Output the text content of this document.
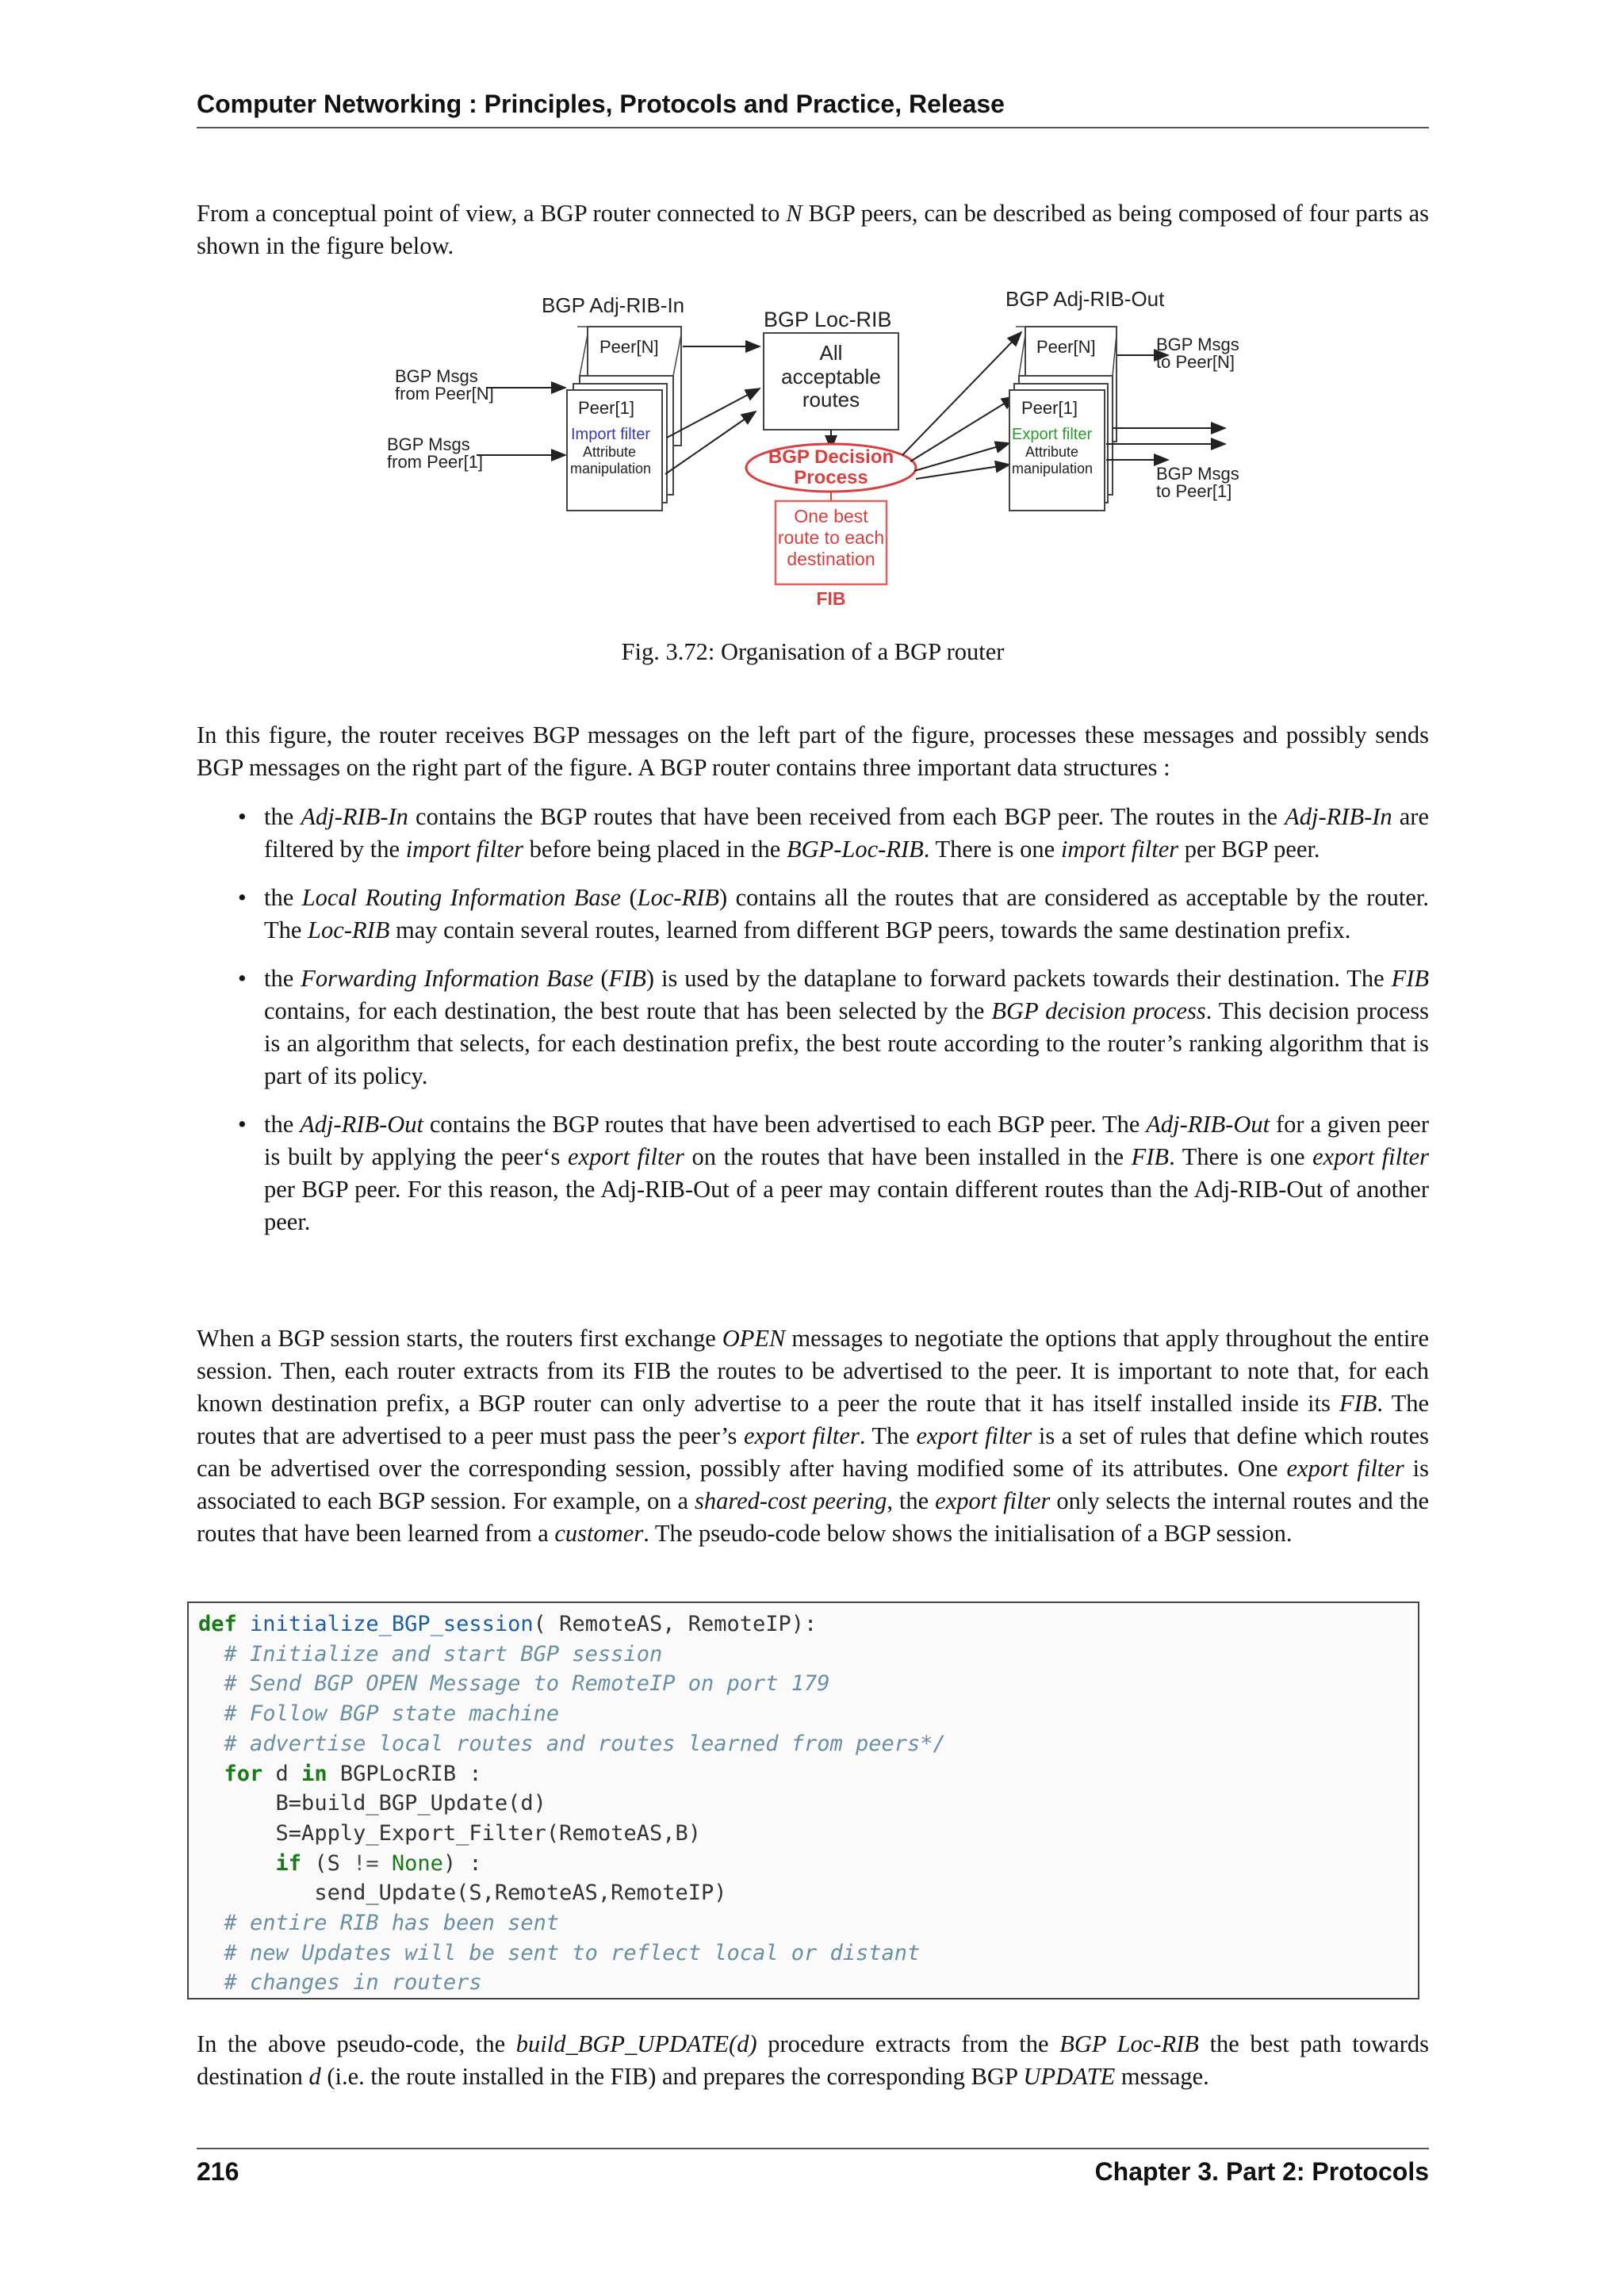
Computer Networking : Principles, Protocols and Practice, Release

From a conceptual point of view, a BGP router connected to N BGP peers, can be described as being composed of four parts as shown in the figure below.

BGP Adj-RIB-In
BGP Loc-RIB
BGP Adj-RIB-Out
Peer[N]
Peer[1]
Import filter
Attribute
manipulation
BGP Msgs
from Peer[N]
BGP Msgs
from Peer[1]
All
acceptable
routes
BGP Decision
Process
One best
route to each
destination
FIB
Peer[N]
Peer[1]
Export filter
Attribute
manipulation
BGP Msgs
to Peer[N]
BGP Msgs
to Peer[1]
Fig. 3.72: Organisation of a BGP router

In this figure, the router receives BGP messages on the left part of the figure, processes these messages and possibly sends BGP messages on the right part of the figure. A BGP router contains three important data structures :

• the Adj-RIB-In contains the BGP routes that have been received from each BGP peer. The routes in the Adj-RIB-In are filtered by the import filter before being placed in the BGP-Loc-RIB. There is one import filter per BGP peer.
• the Local Routing Information Base (Loc-RIB) contains all the routes that are considered as acceptable by the router. The Loc-RIB may contain several routes, learned from different BGP peers, towards the same destination prefix.
• the Forwarding Information Base (FIB) is used by the dataplane to forward packets towards their destination. The FIB contains, for each destination, the best route that has been selected by the BGP decision process. This decision process is an algorithm that selects, for each destination prefix, the best route according to the router’s ranking algorithm that is part of its policy.
• the Adj-RIB-Out contains the BGP routes that have been advertised to each BGP peer. The Adj-RIB-Out for a given peer is built by applying the peer‘s export filter on the routes that have been installed in the FIB. There is one export filter per BGP peer. For this reason, the Adj-RIB-Out of a peer may contain different routes than the Adj-RIB-Out of another peer.

When a BGP session starts, the routers first exchange OPEN messages to negotiate the options that apply throughout the entire session. Then, each router extracts from its FIB the routes to be advertised to the peer. It is important to note that, for each known destination prefix, a BGP router can only advertise to a peer the route that it has itself installed inside its FIB. The routes that are advertised to a peer must pass the peer’s export filter. The export filter is a set of rules that define which routes can be advertised over the corresponding session, possibly after having modified some of its attributes. One export filter is associated to each BGP session. For example, on a shared-cost peering, the export filter only selects the internal routes and the routes that have been learned from a customer. The pseudo-code below shows the initialisation of a BGP session.

def initialize_BGP_session( RemoteAS, RemoteIP):
# Initialize and start BGP session
# Send BGP OPEN Message to RemoteIP on port 179
# Follow BGP state machine
# advertise local routes and routes learned from peers*/
for d in BGPLocRIB :
B=build_BGP_Update(d)
S=Apply_Export_Filter(RemoteAS,B)
if (S != None) :
send_Update(S,RemoteAS,RemoteIP)
# entire RIB has been sent
# new Updates will be sent to reflect local or distant
# changes in routers

In the above pseudo-code, the build_BGP_UPDATE(d) procedure extracts from the BGP Loc-RIB the best path towards destination d (i.e. the route installed in the FIB) and prepares the corresponding BGP UPDATE message.

216	Chapter 3. Part 2: Protocols
